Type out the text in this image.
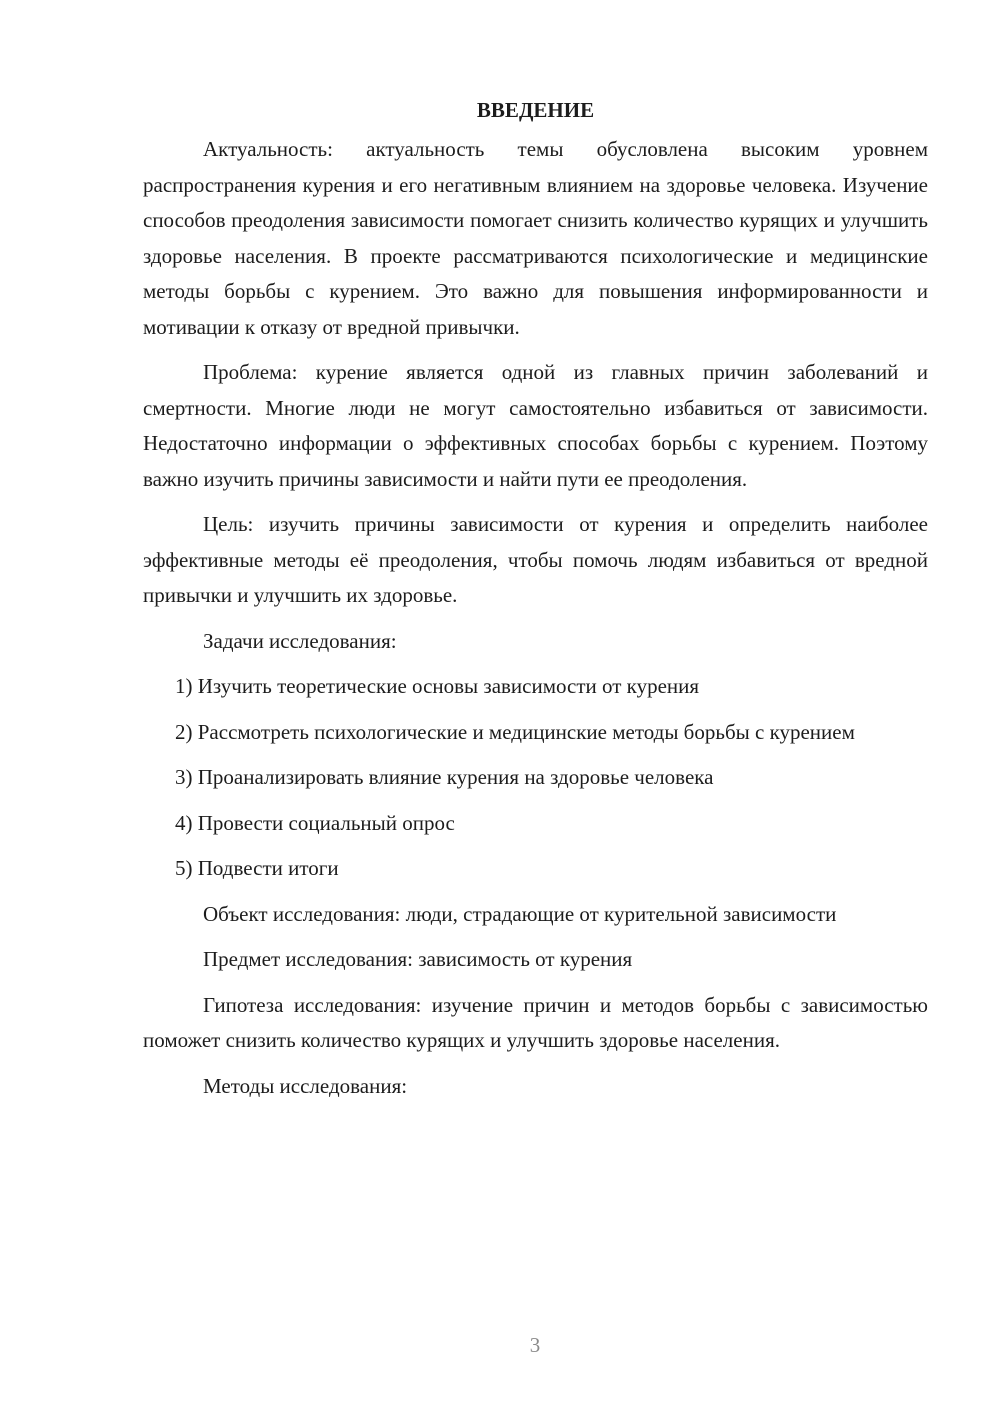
ВВЕДЕНИЕ

Актуальность: актуальность темы обусловлена высоким уровнем распространения курения и его негативным влиянием на здоровье человека. Изучение способов преодоления зависимости помогает снизить количество курящих и улучшить здоровье населения. В проекте рассматриваются психологические и медицинские методы борьбы с курением. Это важно для повышения информированности и мотивации к отказу от вредной привычки.

Проблема: курение является одной из главных причин заболеваний и смертности. Многие люди не могут самостоятельно избавиться от зависимости. Недостаточно информации о эффективных способах борьбы с курением. Поэтому важно изучить причины зависимости и найти пути ее преодоления.

Цель: изучить причины зависимости от курения и определить наиболее эффективные методы её преодоления, чтобы помочь людям избавиться от вредной привычки и улучшить их здоровье.

Задачи исследования:

1) Изучить теоретические основы зависимости от курения

2) Рассмотреть психологические и медицинские методы борьбы с курением

3) Проанализировать влияние курения на здоровье человека

4) Провести социальный опрос

5) Подвести итоги

Объект исследования: люди, страдающие от курительной зависимости

Предмет исследования: зависимость от курения

Гипотеза исследования: изучение причин и методов борьбы с зависимостью поможет снизить количество курящих и улучшить здоровье населения.

Методы исследования:

3
